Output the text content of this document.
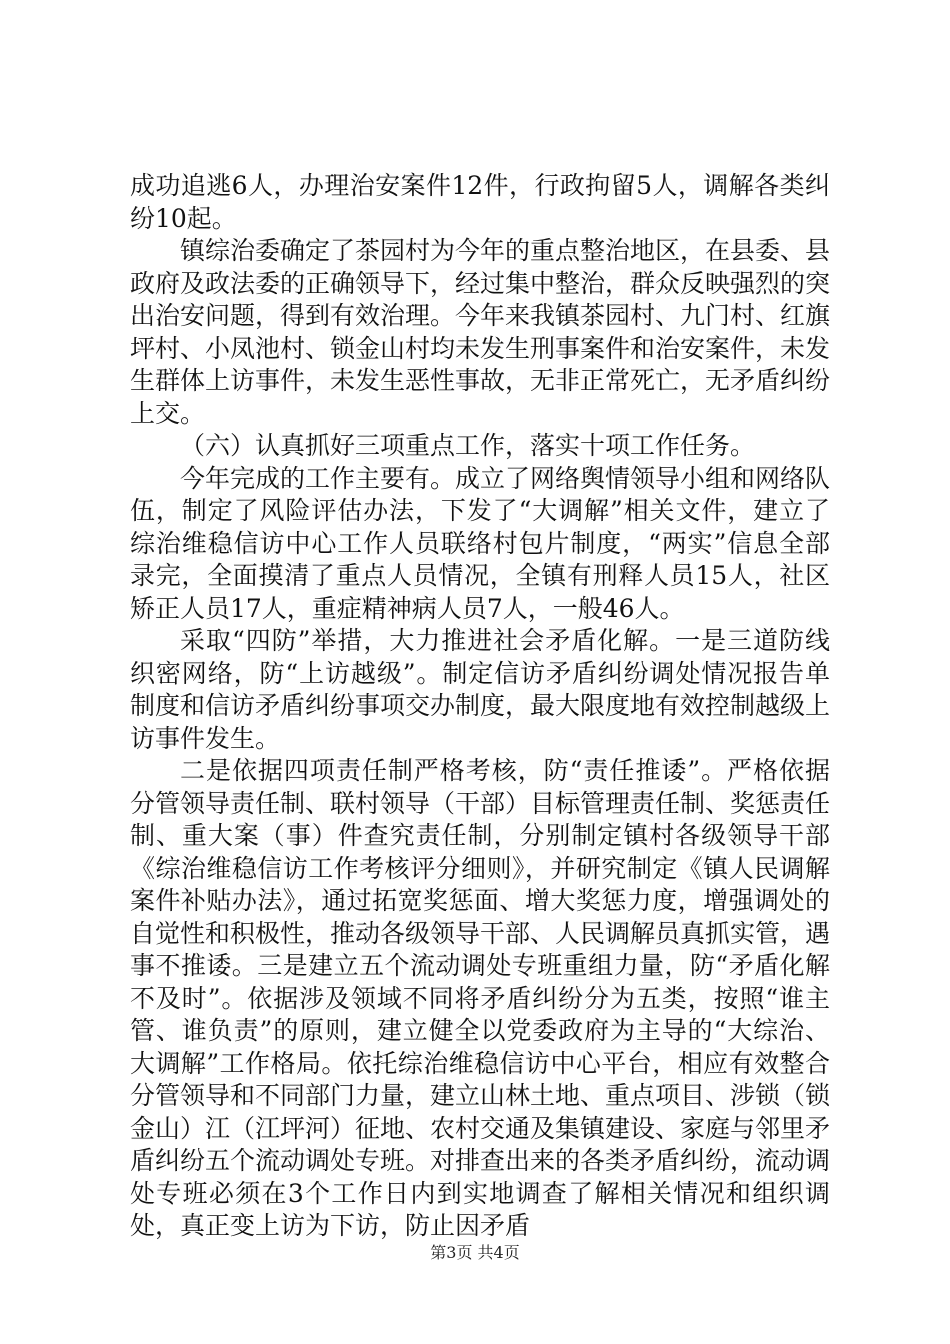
成功追逃6人，办理治安案件12件，行政拘留5人，调解各类纠纷10起。

镇综治委确定了茶园村为今年的重点整治地区，在县委、县政府及政法委的正确领导下，经过集中整治，群众反映强烈的突出治安问题，得到有效治理。今年来我镇茶园村、九门村、红旗坪村、小凤池村、锁金山村均未发生刑事案件和治安案件，未发生群体上访事件，未发生恶性事故，无非正常死亡，无矛盾纠纷上交。

（六）认真抓好三项重点工作，落实十项工作任务。

今年完成的工作主要有。成立了网络舆情领导小组和网络队伍，制定了风险评估办法，下发了“大调解”相关文件，建立了综治维稳信访中心工作人员联络村包片制度，“两实”信息全部录完，全面摸清了重点人员情况，全镇有刑释人员15人，社区矫正人员17人，重症精神病人员7人，一般46人。

采取“四防”举措，大力推进社会矛盾化解。一是三道防线织密网络，防“上访越级”。制定信访矛盾纠纷调处情况报告单制度和信访矛盾纠纷事项交办制度，最大限度地有效控制越级上访事件发生。

二是依据四项责任制严格考核，防“责任推诿”。严格依据分管领导责任制、联村领导（干部）目标管理责任制、奖惩责任制、重大案（事）件查究责任制，分别制定镇村各级领导干部《综治维稳信访工作考核评分细则》，并研究制定《镇人民调解案件补贴办法》，通过拓宽奖惩面、增大奖惩力度，增强调处的自觉性和积极性，推动各级领导干部、人民调解员真抓实管，遇事不推诿。三是建立五个流动调处专班重组力量，防“矛盾化解不及时”。依据涉及领域不同将矛盾纠纷分为五类，按照“谁主管、谁负责”的原则，建立健全以党委政府为主导的“大综治、大调解”工作格局。依托综治维稳信访中心平台，相应有效整合分管领导和不同部门力量，建立山林土地、重点项目、涉锁（锁金山）江（江坪河）征地、农村交通及集镇建设、家庭与邻里矛盾纠纷五个流动调处专班。对排查出来的各类矛盾纠纷，流动调处专班必须在3个工作日内到实地调查了解相关情况和组织调处，真正变上访为下访，防止因矛盾

第3页 共4页
